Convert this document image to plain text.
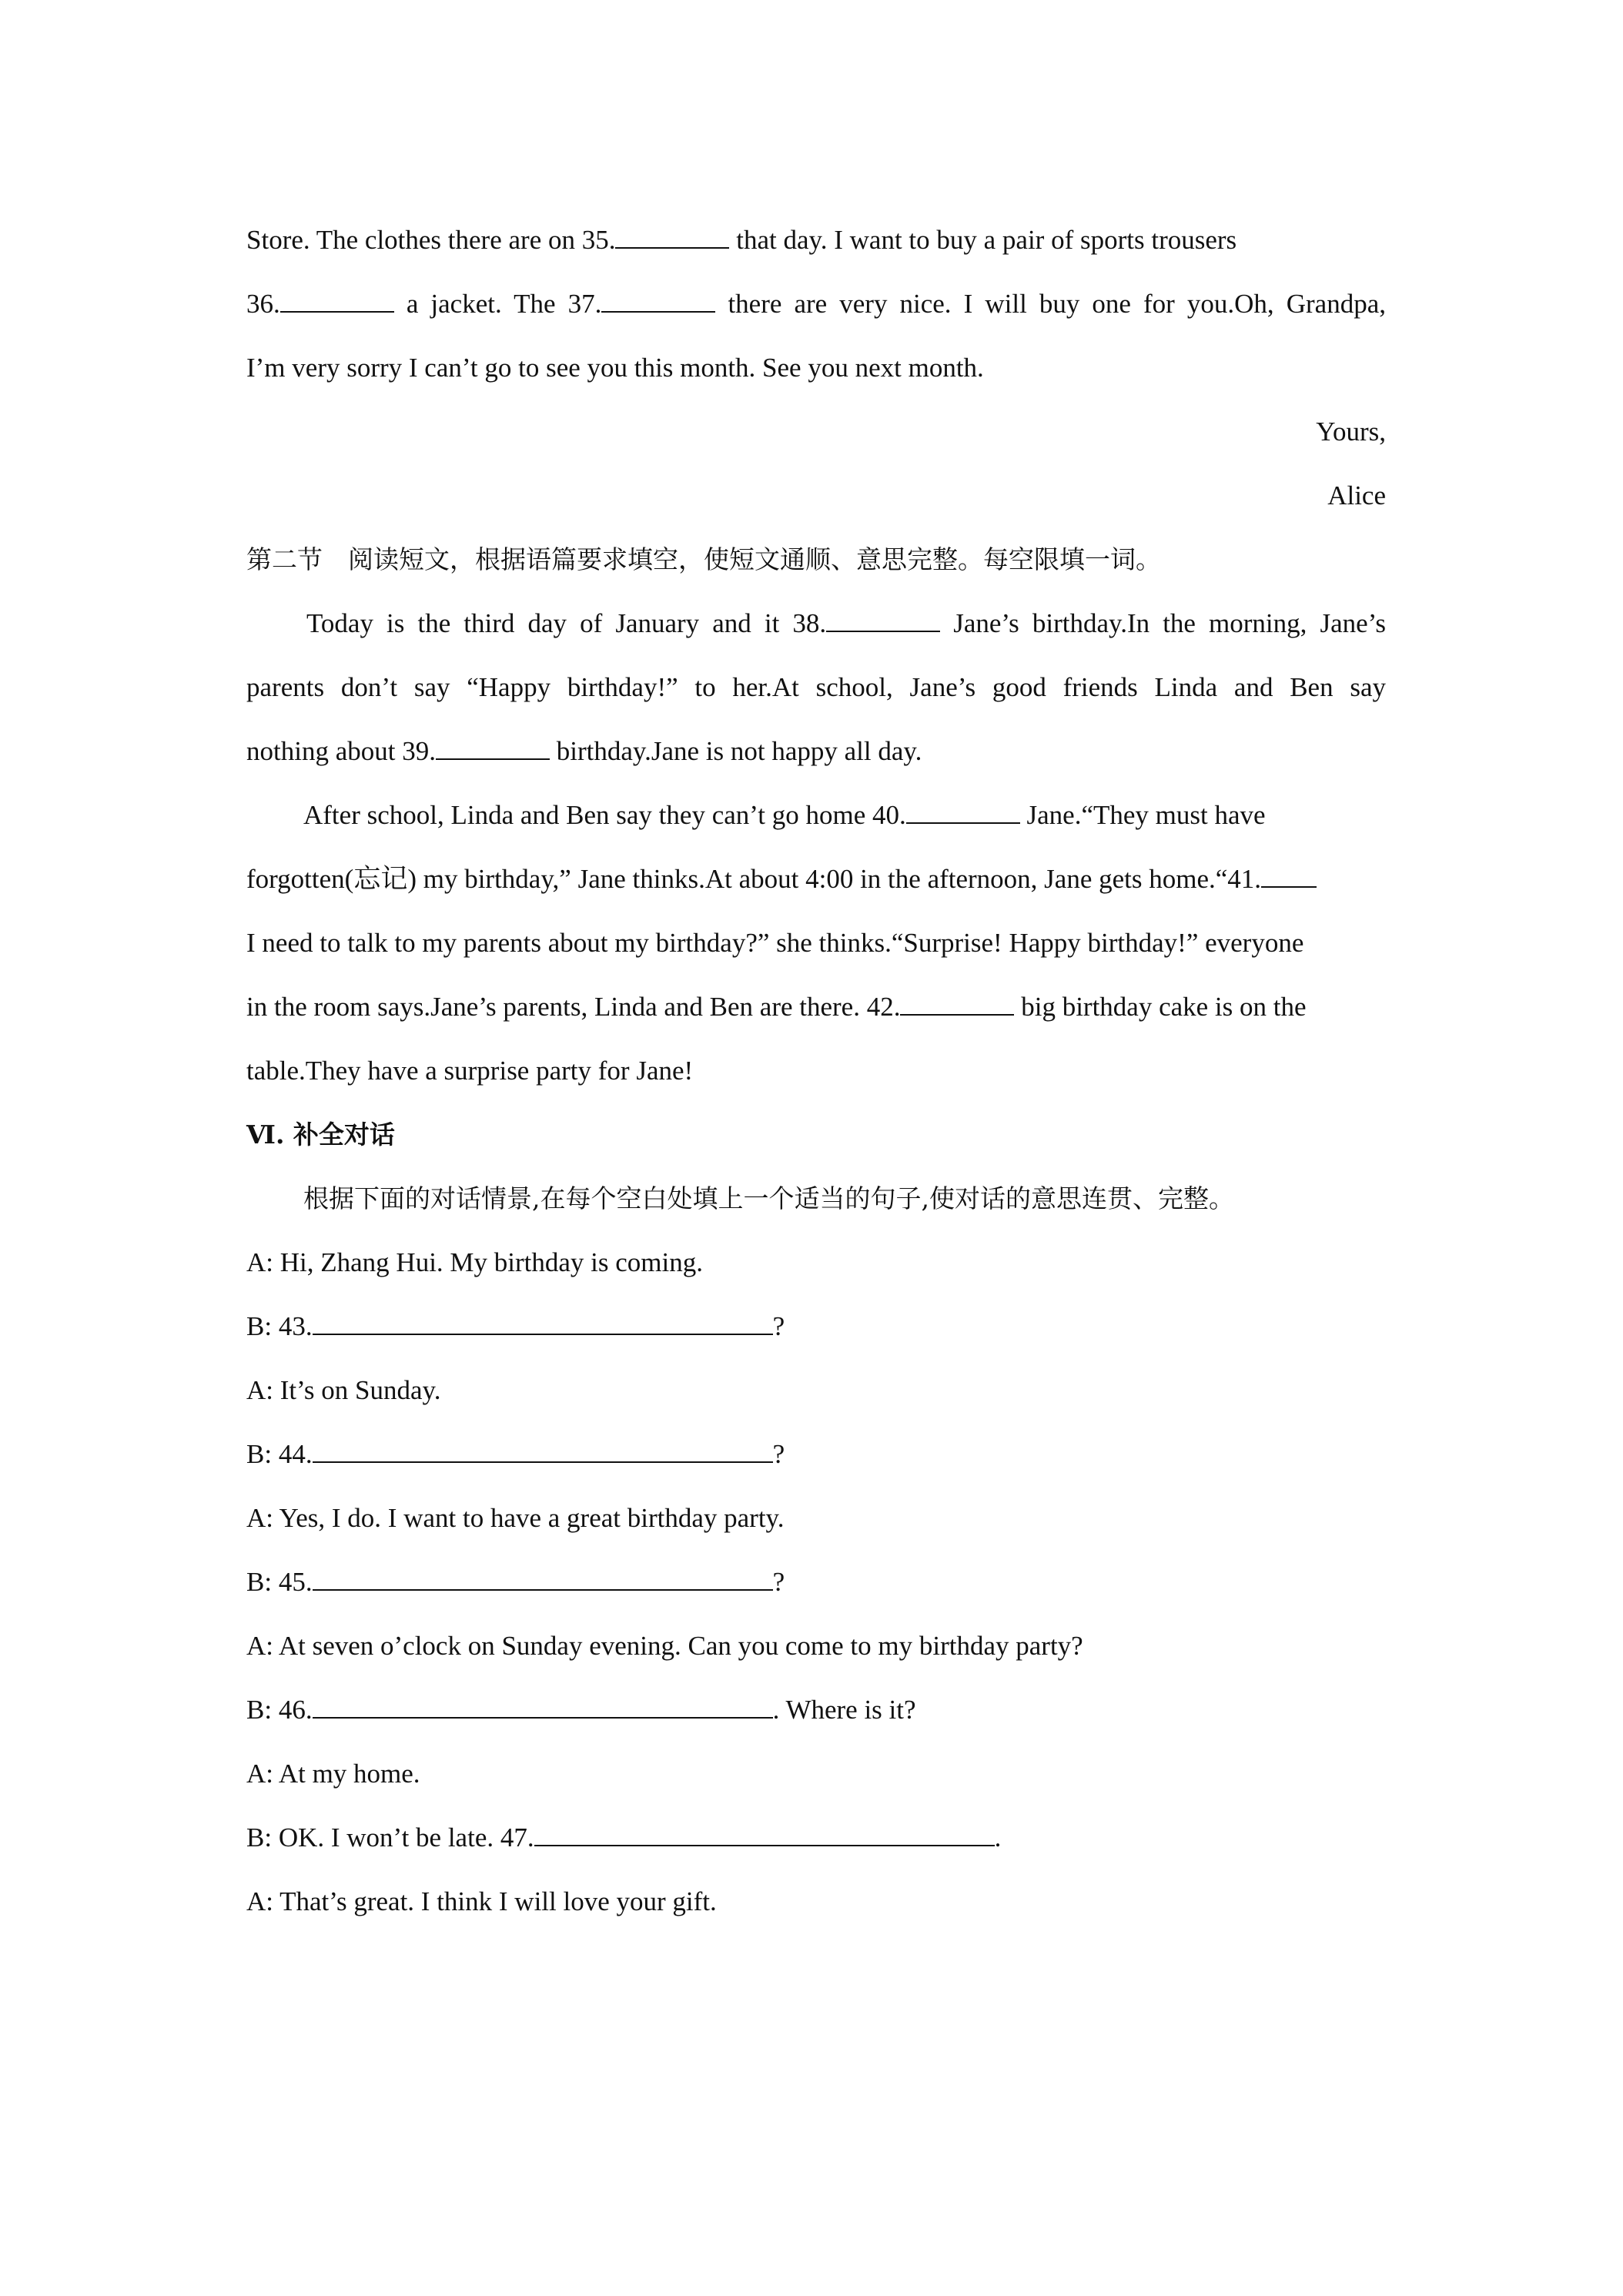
Store. The clothes there are on 35.	that day. I want to buy a pair of sports trousers
36.	a jacket. The 37.	there are very nice. I will buy one for you.Oh, Grandpa,
I’m very sorry I can’t go to see you this month. See you next month.
Yours,
Alice
第二节　阅读短文，根据语篇要求填空，使短文通顺、意思完整。每空限填一词。
Today is the third day of January and it 38.	Jane’s birthday.In the morning, Jane’s
parents don’t say “Happy birthday!” to her.At school, Jane’s good friends Linda and Ben say
nothing about 39.	birthday.Jane is not happy all day.
After school, Linda and Ben say they can’t go home 40.	Jane.“They must have
forgotten(忘记) my birthday,” Jane thinks.At about 4:00 in the afternoon, Jane gets home.“41.
I need to talk to my parents about my birthday?” she thinks.“Surprise! Happy birthday!” everyone
in the room says.Jane’s parents, Linda and Ben are there. 42.	big birthday cake is on the
table.They have a surprise party for Jane!
Ⅵ. 补全对话
根据下面的对话情景,在每个空白处填上一个适当的句子,使对话的意思连贯、完整。
A: Hi, Zhang Hui. My birthday is coming.
B: 43.	?
A: It’s on Sunday.
B: 44.	?
A: Yes, I do. I want to have a great birthday party.
B: 45.	?
A: At seven o’clock on Sunday evening. Can you come to my birthday party?
B: 46.	. Where is it?
A: At my home.
B: OK. I won’t be late. 47.	.
A: That’s great. I think I will love your gift.
